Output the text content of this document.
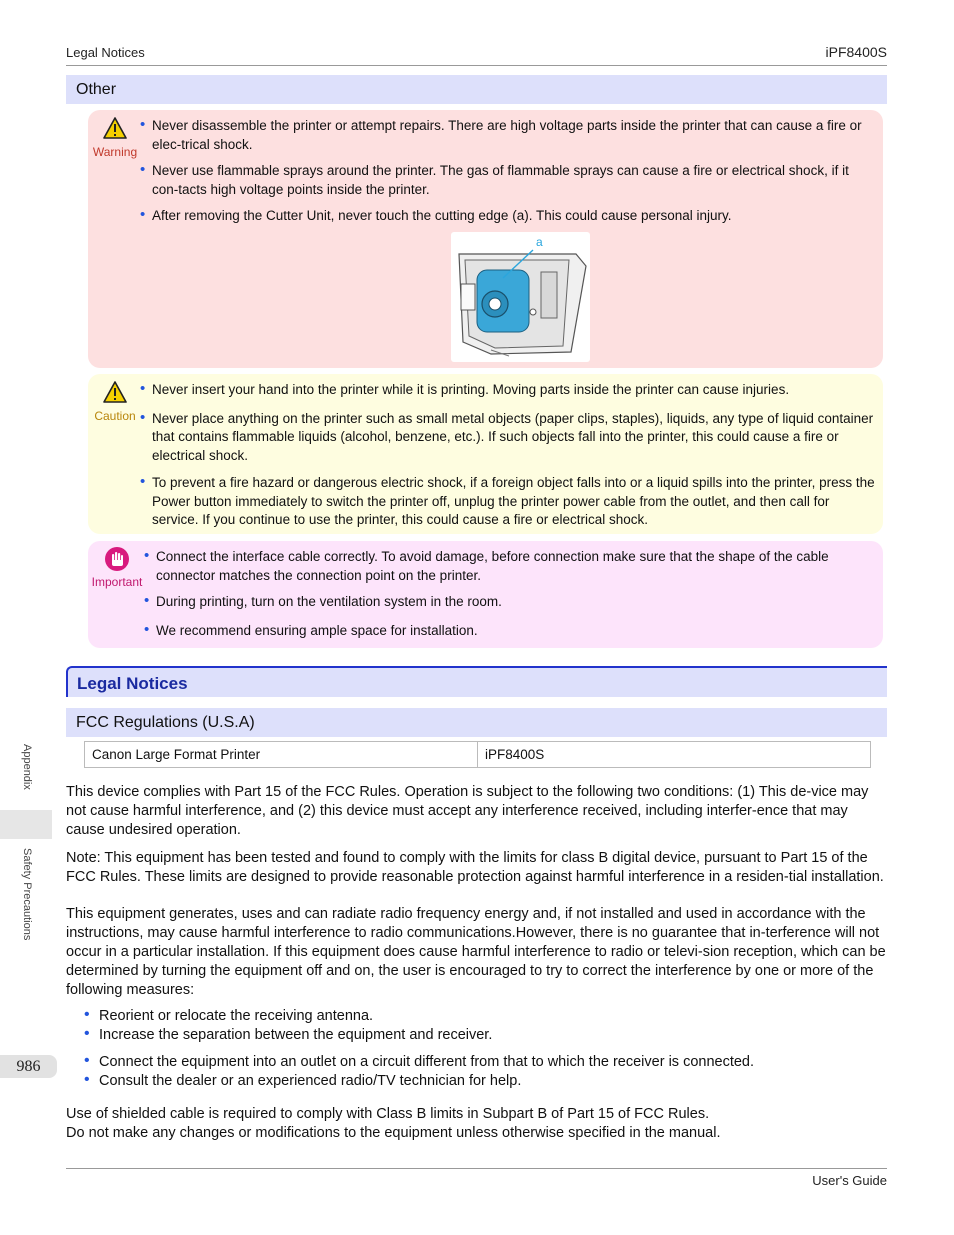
Legal Notices	iPF8400S
Other
Warning
• Never disassemble the printer or attempt repairs. There are high voltage parts inside the printer that can cause a fire or elec-trical shock.
• Never use flammable sprays around the printer. The gas of flammable sprays can cause a fire or electrical shock, if it con-tacts high voltage points inside the printer.
• After removing the Cutter Unit, never touch the cutting edge (a). This could cause personal injury.
a
Caution
• Never insert your hand into the printer while it is printing. Moving parts inside the printer can cause injuries.
• Never place anything on the printer such as small metal objects (paper clips, staples), liquids, any type of liquid container that contains flammable liquids (alcohol, benzene, etc.). If such objects fall into the printer, this could cause a fire or electrical shock.
• To prevent a fire hazard or dangerous electric shock, if a foreign object falls into or a liquid spills into the printer, press the Power button immediately to switch the printer off, unplug the printer power cable from the outlet, and then call for service. If you continue to use the printer, this could cause a fire or electrical shock.
Important
• Connect the interface cable correctly. To avoid damage, before connection make sure that the shape of the cable connector matches the connection point on the printer.
• During printing, turn on the ventilation system in the room.
• We recommend ensuring ample space for installation.
Legal Notices
FCC Regulations (U.S.A)
Canon Large Format Printer	iPF8400S

This device complies with Part 15 of the FCC Rules. Operation is subject to the following two conditions: (1) This de-vice may not cause harmful interference, and (2) this device must accept any interference received, including interfer-ence that may cause undesired operation.

Note: This equipment has been tested and found to comply with the limits for class B digital device, pursuant to Part 15 of the FCC Rules. These limits are designed to provide reasonable protection against harmful interference in a residen-tial installation.

This equipment generates, uses and can radiate radio frequency energy and, if not installed and used in accordance with the instructions, may cause harmful interference to radio communications.However, there is no guarantee that in-terference will not occur in a particular installation. If this equipment does cause harmful interference to radio or televi-sion reception, which can be determined by turning the equipment off and on, the user is encouraged to try to correct the interference by one or more of the following measures:

• Reorient or relocate the receiving antenna.
• Increase the separation between the equipment and receiver.
• Connect the equipment into an outlet on a circuit different from that to which the receiver is connected.
• Consult the dealer or an experienced radio/TV technician for help.

Use of shielded cable is required to comply with Class B limits in Subpart B of Part 15 of FCC Rules.

Do not make any changes or modifications to the equipment unless otherwise specified in the manual.

Appendix
Safety Precautions
986
User's Guide
